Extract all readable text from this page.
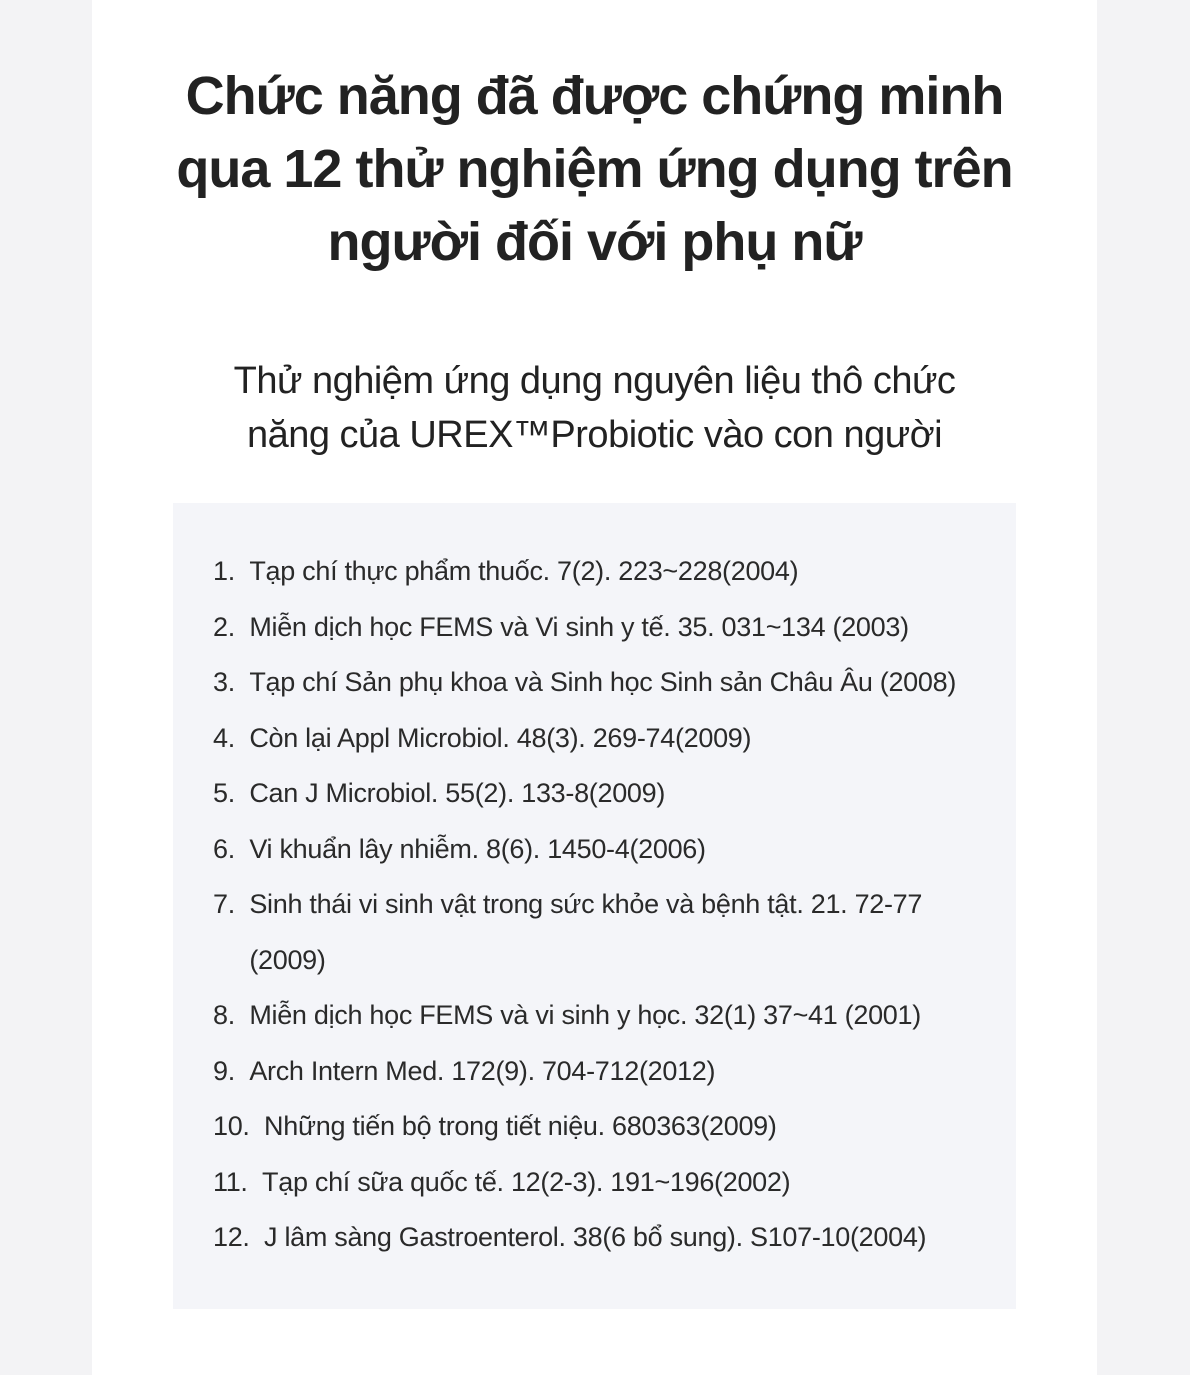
Chức năng đã được chứng minh
qua 12 thử nghiệm ứng dụng trên
người đối với phụ nữ
Thử nghiệm ứng dụng nguyên liệu thô chức
năng của UREX™Probiotic vào con người
1. Tạp chí thực phẩm thuốc. 7(2). 223~228(2004)
2. Miễn dịch học FEMS và Vi sinh y tế. 35. 031~134 (2003)
3. Tạp chí Sản phụ khoa và Sinh học Sinh sản Châu Âu (2008)
4. Còn lại Appl Microbiol. 48(3). 269-74(2009)
5. Can J Microbiol. 55(2). 133-8(2009)
6. Vi khuẩn lây nhiễm. 8(6). 1450-4(2006)
7. Sinh thái vi sinh vật trong sức khỏe và bệnh tật. 21. 72-77 (2009)
8. Miễn dịch học FEMS và vi sinh y học. 32(1) 37~41 (2001)
9. Arch Intern Med. 172(9). 704-712(2012)
10. Những tiến bộ trong tiết niệu. 680363(2009)
11. Tạp chí sữa quốc tế. 12(2-3). 191~196(2002)
12. J lâm sàng Gastroenterol. 38(6 bổ sung). S107-10(2004)
